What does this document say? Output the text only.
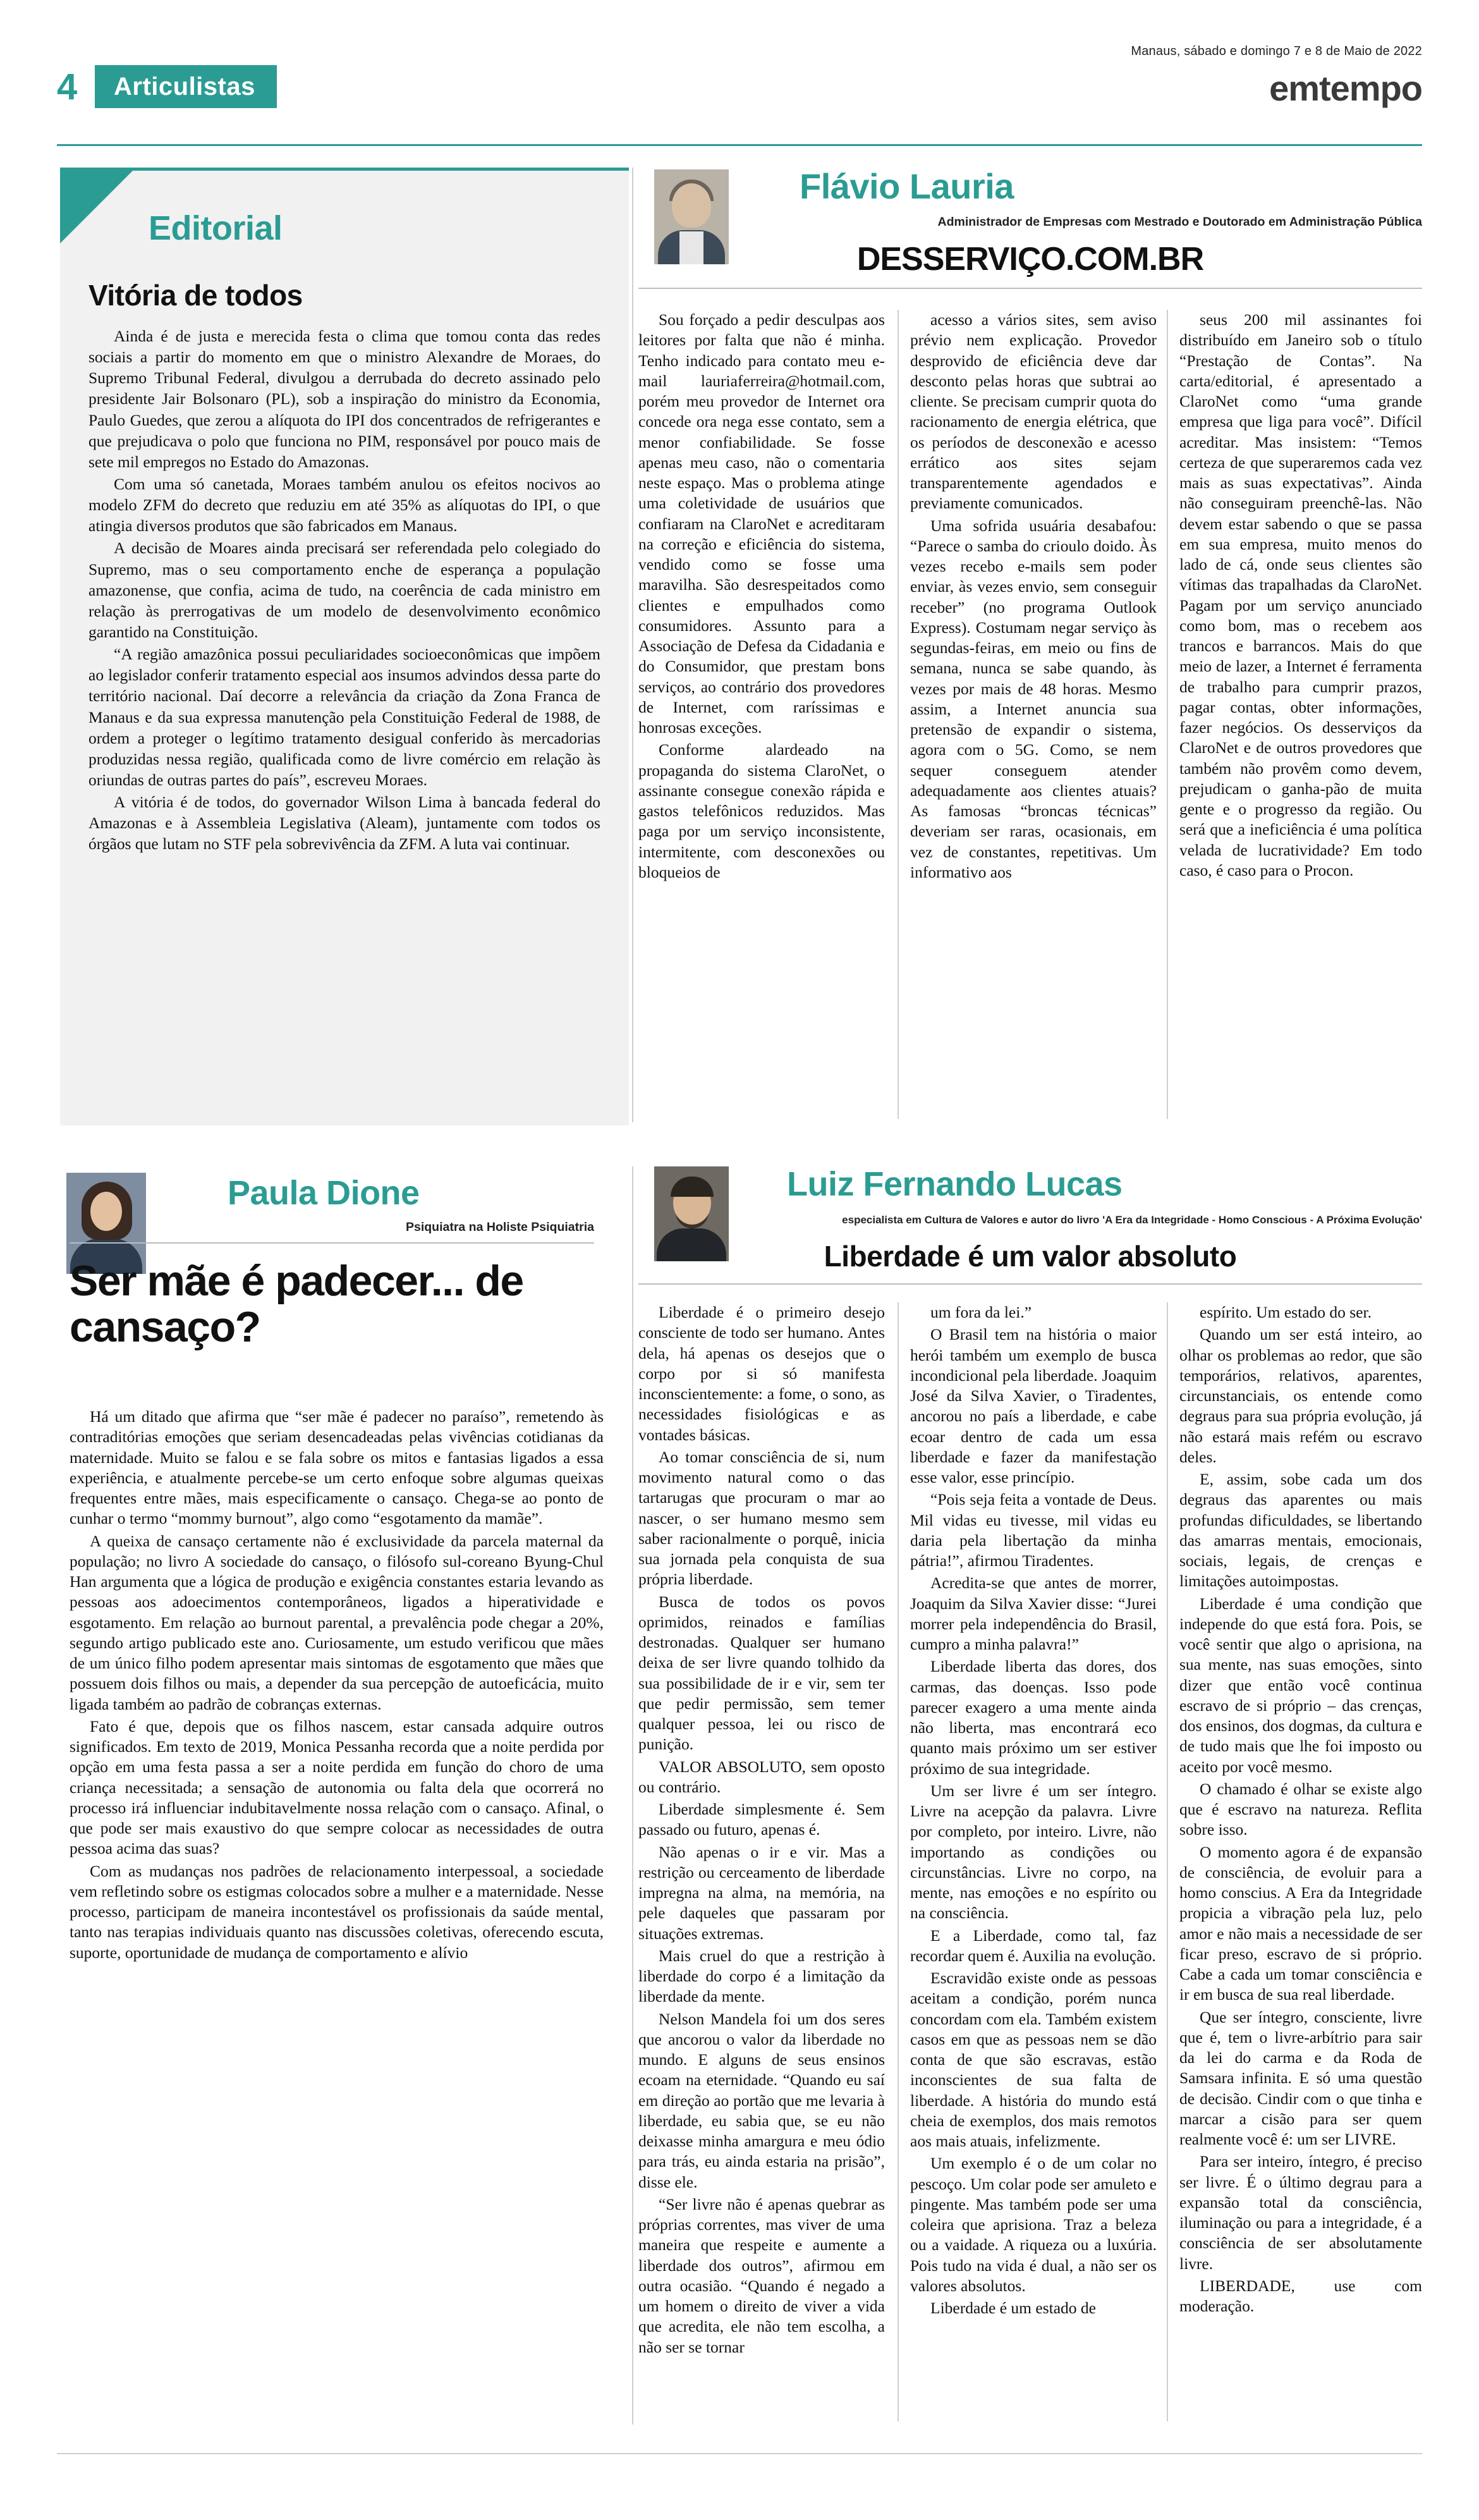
Manaus, sábado e domingo 7 e 8 de Maio de 2022
4	Articulistas	emtempo
Editorial
Vitória de todos

Ainda é de justa e merecida festa o clima que tomou conta das redes sociais a partir do momento em que o ministro Alexandre de Moraes, do Supremo Tribunal Federal, divulgou a derrubada do decreto assinado pelo presidente Jair Bolsonaro (PL), sob a inspiração do ministro da Economia, Paulo Guedes, que zerou a alíquota do IPI dos concentrados de refrigerantes e que prejudicava o polo que funciona no PIM, responsável por pouco mais de sete mil empregos no Estado do Amazonas.

Com uma só canetada, Moraes também anulou os efeitos nocivos ao modelo ZFM do decreto que reduziu em até 35% as alíquotas do IPI, o que atingia diversos produtos que são fabricados em Manaus.

A decisão de Moares ainda precisará ser referendada pelo colegiado do Supremo, mas o seu comportamento enche de esperança a população amazonense, que confia, acima de tudo, na coerência de cada ministro em relação às prerrogativas de um modelo de desenvolvimento econômico garantido na Constituição.

“A região amazônica possui peculiaridades socioeconômicas que impõem ao legislador conferir tratamento especial aos insumos advindos dessa parte do território nacional. Daí decorre a relevância da criação da Zona Franca de Manaus e da sua expressa manutenção pela Constituição Federal de 1988, de ordem a proteger o legítimo tratamento desigual conferido às mercadorias produzidas nessa região, qualificada como de livre comércio em relação às oriundas de outras partes do país”, escreveu Moraes.

A vitória é de todos, do governador Wilson Lima à bancada federal do Amazonas e à Assembleia Legislativa (Aleam), juntamente com todos os órgãos que lutam no STF pela sobrevivência da ZFM. A luta vai continuar.

Flávio Lauria
Administrador de Empresas com Mestrado e Doutorado em Administração Pública
DESSERVIÇO.COM.BR

Sou forçado a pedir desculpas aos leitores por falta que não é minha. Tenho indicado para contato meu e-mail lauriaferreira@hotmail.com, porém meu provedor de Internet ora concede ora nega esse contato, sem a menor confiabilidade. Se fosse apenas meu caso, não o comentaria neste espaço. Mas o problema atinge uma coletividade de usuários que confiaram na ClaroNet e acreditaram na correção e eficiência do sistema, vendido como se fosse uma maravilha. São desrespeitados como clientes e empulhados como consumidores. Assunto para a Associação de Defesa da Cidadania e do Consumidor, que prestam bons serviços, ao contrário dos provedores de Internet, com raríssimas e honrosas exceções.

Conforme alardeado na propaganda do sistema ClaroNet, o assinante consegue conexão rápida e gastos telefônicos reduzidos. Mas paga por um serviço inconsistente, intermitente, com desconexões ou bloqueios de

acesso a vários sites, sem aviso prévio nem explicação. Provedor desprovido de eficiência deve dar desconto pelas horas que subtrai ao cliente. Se precisam cumprir quota do racionamento de energia elétrica, que os períodos de desconexão e acesso errático aos sites sejam transparentemente agendados e previamente comunicados.

Uma sofrida usuária desabafou: “Parece o samba do crioulo doido. Às vezes recebo e-mails sem poder enviar, às vezes envio, sem conseguir receber” (no programa Outlook Express). Costumam negar serviço às segundas-feiras, em meio ou fins de semana, nunca se sabe quando, às vezes por mais de 48 horas. Mesmo assim, a Internet anuncia sua pretensão de expandir o sistema, agora com o 5G. Como, se nem sequer conseguem atender adequadamente aos clientes atuais? As famosas “broncas técnicas” deveriam ser raras, ocasionais, em vez de constantes, repetitivas. Um informativo aos

seus 200 mil assinantes foi distribuído em Janeiro sob o título “Prestação de Contas”. Na carta/editorial, é apresentado a ClaroNet como “uma grande empresa que liga para você”. Difícil acreditar. Mas insistem: “Temos certeza de que superaremos cada vez mais as suas expectativas”. Ainda não conseguiram preenchê-las. Não devem estar sabendo o que se passa em sua empresa, muito menos do lado de cá, onde seus clientes são vítimas das trapalhadas da ClaroNet. Pagam por um serviço anunciado como bom, mas o recebem aos trancos e barrancos. Mais do que meio de lazer, a Internet é ferramenta de trabalho para cumprir prazos, pagar contas, obter informações, fazer negócios. Os desserviços da ClaroNet e de outros provedores que também não provêm como devem, prejudicam o ganha-pão de muita gente e o progresso da região. Ou será que a ineficiência é uma política velada de lucratividade? Em todo caso, é caso para o Procon.

Paula Dione
Psiquiatra na Holiste Psiquiatria
Ser mãe é padecer... de cansaço?

Há um ditado que afirma que “ser mãe é padecer no paraíso”, remetendo às contraditórias emoções que seriam desencadeadas pelas vivências cotidianas da maternidade. Muito se falou e se fala sobre os mitos e fantasias ligados a essa experiência, e atualmente percebe-se um certo enfoque sobre algumas queixas frequentes entre mães, mais especificamente o cansaço. Chega-se ao ponto de cunhar o termo “mommy burnout”, algo como “esgotamento da mamãe”.

A queixa de cansaço certamente não é exclusividade da parcela maternal da população; no livro A sociedade do cansaço, o filósofo sul-coreano Byung-Chul Han argumenta que a lógica de produção e exigência constantes estaria levando as pessoas aos adoecimentos contemporâneos, ligados a hiperatividade e esgotamento. Em relação ao burnout parental, a prevalência pode chegar a 20%, segundo artigo publicado este ano. Curiosamente, um estudo verificou que mães de um único filho podem apresentar mais sintomas de esgotamento que mães que possuem dois filhos ou mais, a depender da sua percepção de autoeficácia, muito ligada também ao padrão de cobranças externas.

Fato é que, depois que os filhos nascem, estar cansada adquire outros significados. Em texto de 2019, Monica Pessanha recorda que a noite perdida por opção em uma festa passa a ser a noite perdida em função do choro de uma criança necessitada; a sensação de autonomia ou falta dela que ocorrerá no processo irá influenciar indubitavelmente nossa relação com o cansaço. Afinal, o que pode ser mais exaustivo do que sempre colocar as necessidades de outra pessoa acima das suas?

Com as mudanças nos padrões de relacionamento interpessoal, a sociedade vem refletindo sobre os estigmas colocados sobre a mulher e a maternidade. Nesse processo, participam de maneira incontestável os profissionais da saúde mental, tanto nas terapias individuais quanto nas discussões coletivas, oferecendo escuta, suporte, oportunidade de mudança de comportamento e alívio

Luiz Fernando Lucas
especialista em Cultura de Valores e autor do livro 'A Era da Integridade - Homo Conscious - A Próxima Evolução'
Liberdade é um valor absoluto

Liberdade é o primeiro desejo consciente de todo ser humano. Antes dela, há apenas os desejos que o corpo por si só manifesta inconscientemente: a fome, o sono, as necessidades fisiológicas e as vontades básicas.

Ao tomar consciência de si, num movimento natural como o das tartarugas que procuram o mar ao nascer, o ser humano mesmo sem saber racionalmente o porquê, inicia sua jornada pela conquista de sua própria liberdade.

Busca de todos os povos oprimidos, reinados e famílias destronadas. Qualquer ser humano deixa de ser livre quando tolhido da sua possibilidade de ir e vir, sem ter que pedir permissão, sem temer qualquer pessoa, lei ou risco de punição.

VALOR ABSOLUTO, sem oposto ou contrário.

Liberdade simplesmente é. Sem passado ou futuro, apenas é.

Não apenas o ir e vir. Mas a restrição ou cerceamento de liberdade impregna na alma, na memória, na pele daqueles que passaram por situações extremas.

Mais cruel do que a restrição à liberdade do corpo é a limitação da liberdade da mente.

Nelson Mandela foi um dos seres que ancorou o valor da liberdade no mundo. E alguns de seus ensinos ecoam na eternidade. “Quando eu saí em direção ao portão que me levaria à liberdade, eu sabia que, se eu não deixasse minha amargura e meu ódio para trás, eu ainda estaria na prisão”, disse ele.

“Ser livre não é apenas quebrar as próprias correntes, mas viver de uma maneira que respeite e aumente a liberdade dos outros”, afirmou em outra ocasião. “Quando é negado a um homem o direito de viver a vida que acredita, ele não tem escolha, a não ser se tornar

um fora da lei.”

O Brasil tem na história o maior herói também um exemplo de busca incondicional pela liberdade. Joaquim José da Silva Xavier, o Tiradentes, ancorou no país a liberdade, e cabe ecoar dentro de cada um essa liberdade e fazer da manifestação esse valor, esse princípio.

“Pois seja feita a vontade de Deus. Mil vidas eu tivesse, mil vidas eu daria pela libertação da minha pátria!”, afirmou Tiradentes.

Acredita-se que antes de morrer, Joaquim da Silva Xavier disse: “Jurei morrer pela independência do Brasil, cumpro a minha palavra!”

Liberdade liberta das dores, dos carmas, das doenças. Isso pode parecer exagero a uma mente ainda não liberta, mas encontrará eco quanto mais próximo um ser estiver próximo de sua integridade.

Um ser livre é um ser íntegro. Livre na acepção da palavra. Livre por completo, por inteiro. Livre, não importando as condições ou circunstâncias. Livre no corpo, na mente, nas emoções e no espírito ou na consciência.

E a Liberdade, como tal, faz recordar quem é. Auxilia na evolução.

Escravidão existe onde as pessoas aceitam a condição, porém nunca concordam com ela. Também existem casos em que as pessoas nem se dão conta de que são escravas, estão inconscientes de sua falta de liberdade. A história do mundo está cheia de exemplos, dos mais remotos aos mais atuais, infelizmente.

Um exemplo é o de um colar no pescoço. Um colar pode ser amuleto e pingente. Mas também pode ser uma coleira que aprisiona. Traz a beleza ou a vaidade. A riqueza ou a luxúria. Pois tudo na vida é dual, a não ser os valores absolutos.

Liberdade é um estado de

espírito. Um estado do ser.

Quando um ser está inteiro, ao olhar os problemas ao redor, que são temporários, relativos, aparentes, circunstanciais, os entende como degraus para sua própria evolução, já não estará mais refém ou escravo deles.

E, assim, sobe cada um dos degraus das aparentes ou mais profundas dificuldades, se libertando das amarras mentais, emocionais, sociais, legais, de crenças e limitações autoimpostas.

Liberdade é uma condição que independe do que está fora. Pois, se você sentir que algo o aprisiona, na sua mente, nas suas emoções, sinto dizer que então você continua escravo de si próprio – das crenças, dos ensinos, dos dogmas, da cultura e de tudo mais que lhe foi imposto ou aceito por você mesmo.

O chamado é olhar se existe algo que é escravo na natureza. Reflita sobre isso.

O momento agora é de expansão de consciência, de evoluir para a homo conscius. A Era da Integridade propicia a vibração pela luz, pelo amor e não mais a necessidade de ser ficar preso, escravo de si próprio. Cabe a cada um tomar consciência e ir em busca de sua real liberdade.

Que ser íntegro, consciente, livre que é, tem o livre-arbítrio para sair da lei do carma e da Roda de Samsara infinita. E só uma questão de decisão. Cindir com o que tinha e marcar a cisão para ser quem realmente você é: um ser LIVRE.

Para ser inteiro, íntegro, é preciso ser livre. É o último degrau para a expansão total da consciência, iluminação ou para a integridade, é a consciência de ser absolutamente livre.

LIBERDADE, use com moderação.
